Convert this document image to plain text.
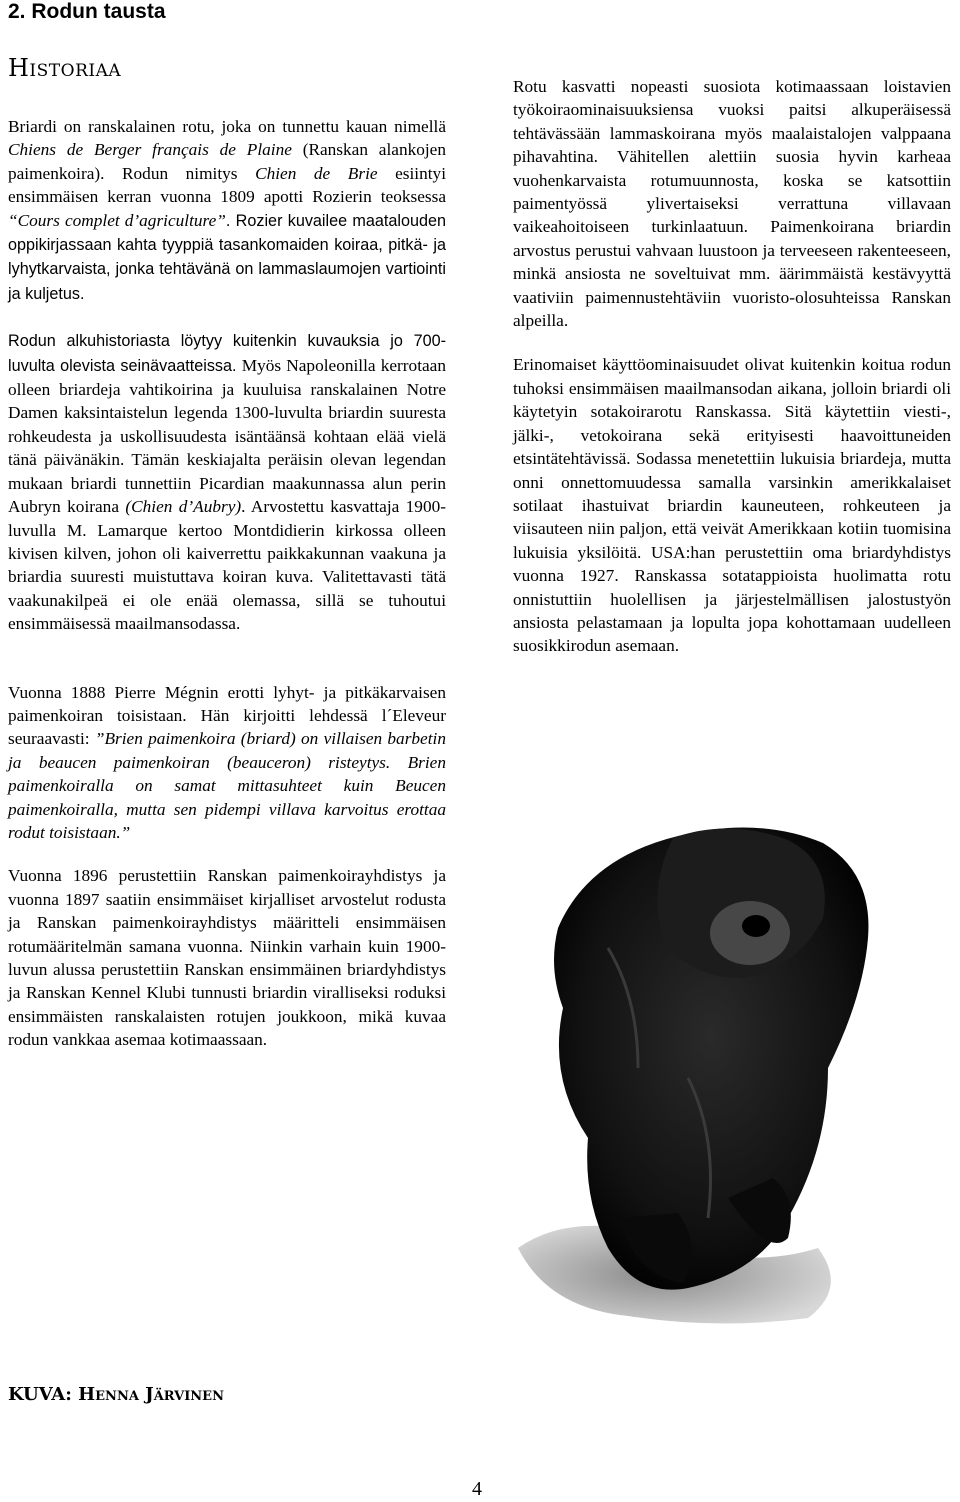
2. Rodun tausta
Historiaa

Briardi on ranskalainen rotu, joka on tunnettu kauan nimellä Chiens de Berger français de Plaine (Ranskan alankojen paimenkoira). Rodun nimitys Chien de Brie esiintyi ensimmäisen kerran vuonna 1809 apotti Rozierin teoksessa “Cours complet d’agriculture”. Rozier kuvailee maatalouden oppikirjassaan kahta tyyppiä tasankomaiden koiraa, pitkä- ja lyhytkarvaista, jonka tehtävänä on lammaslaumojen vartiointi ja kuljetus.

Rodun alkuhistoriasta löytyy kuitenkin kuvauksia jo 700-luvulta olevista seinävaatteissa. Myös Napoleonilla kerrotaan olleen briardeja vahtikoirina ja kuuluisa ranskalainen Notre Damen kaksintaistelun legenda 1300-luvulta briardin suuresta rohkeudesta ja uskollisuudesta isäntäänsä kohtaan elää vielä tänä päivänäkin. Tämän keskiajalta peräisin olevan legendan mukaan briardi tunnettiin Picardian maakunnassa alun perin Aubryn koirana (Chien d’Aubry). Arvostettu kasvattaja 1900-luvulla M. Lamarque kertoo Montdidierin kirkossa olleen kivisen kilven, johon oli kaiverrettu paikkakunnan vaakuna ja briardia suuresti muistuttava koiran kuva. Valitettavasti tätä vaakunakilpeä ei ole enää olemassa, sillä se tuhoutui ensimmäisessä maailmansodassa.

Vuonna 1888 Pierre Mégnin erotti lyhyt- ja pitkäkarvaisen paimenkoiran toisistaan. Hän kirjoitti lehdessä l´Eleveur seuraavasti: ”Brien paimenkoira (briard) on villaisen barbetin ja beaucen paimenkoiran (beauceron) risteytys. Brien paimenkoiralla on samat mittasuhteet kuin Beucen paimenkoiralla, mutta sen pidempi villava karvoitus erottaa rodut toisistaan.”

Vuonna 1896 perustettiin Ranskan paimenkoirayhdistys ja vuonna 1897 saatiin ensimmäiset kirjalliset arvostelut rodusta ja Ranskan paimenkoirayhdistys määritteli ensimmäisen rotumääritelmän samana vuonna. Niinkin varhain kuin 1900-luvun alussa perustettiin Ranskan ensimmäinen briardyhdistys ja Ranskan Kennel Klubi tunnusti briardin viralliseksi roduksi ensimmäisten ranskalaisten rotujen joukkoon, mikä kuvaa rodun vankkaa asemaa kotimaassaan.

Rotu kasvatti nopeasti suosiota kotimaassaan loistavien työkoiraominaisuuksiensa vuoksi paitsi alkuperäisessä tehtävässään lammaskoirana myös maalaistalojen valppaana pihavahtina. Vähitellen alettiin suosia hyvin karheaa vuohenkarvaista rotumuunnosta, koska se katsottiin paimentyössä ylivertaiseksi verrattuna villavaan vaikeahoitoiseen turkinlaatuun. Paimenkoirana briardin arvostus perustui vahvaan luustoon ja terveeseen rakenteeseen, minkä ansiosta ne soveltuivat mm. äärimmäistä kestävyyttä vaativiin paimennustehtäviin vuoristo-olosuhteissa Ranskan alpeilla.

Erinomaiset käyttöominaisuudet olivat kuitenkin koitua rodun tuhoksi ensimmäisen maailmansodan aikana, jolloin briardi oli käytetyin sotakoirarotu Ranskassa. Sitä käytettiin viesti-, jälki-, vetokoirana sekä erityisesti haavoittuneiden etsintätehtävissä. Sodassa menetettiin lukuisia briardeja, mutta onni onnettomuudessa samalla varsinkin amerikkalaiset sotilaat ihastuivat briardin kauneuteen, rohkeuteen ja viisauteen niin paljon, että veivät Amerikkaan kotiin tuomisina lukuisia yksilöitä. USA:han perustettiin oma briardyhdistys vuonna 1927. Ranskassa sotatappioista huolimatta rotu onnistuttiin huolellisen ja järjestelmällisen jalostustyön ansiosta pelastamaan ja lopulta jopa kohottamaan uudelleen suosikkirodun asemaan.

KUVA: Henna Järvinen
4
